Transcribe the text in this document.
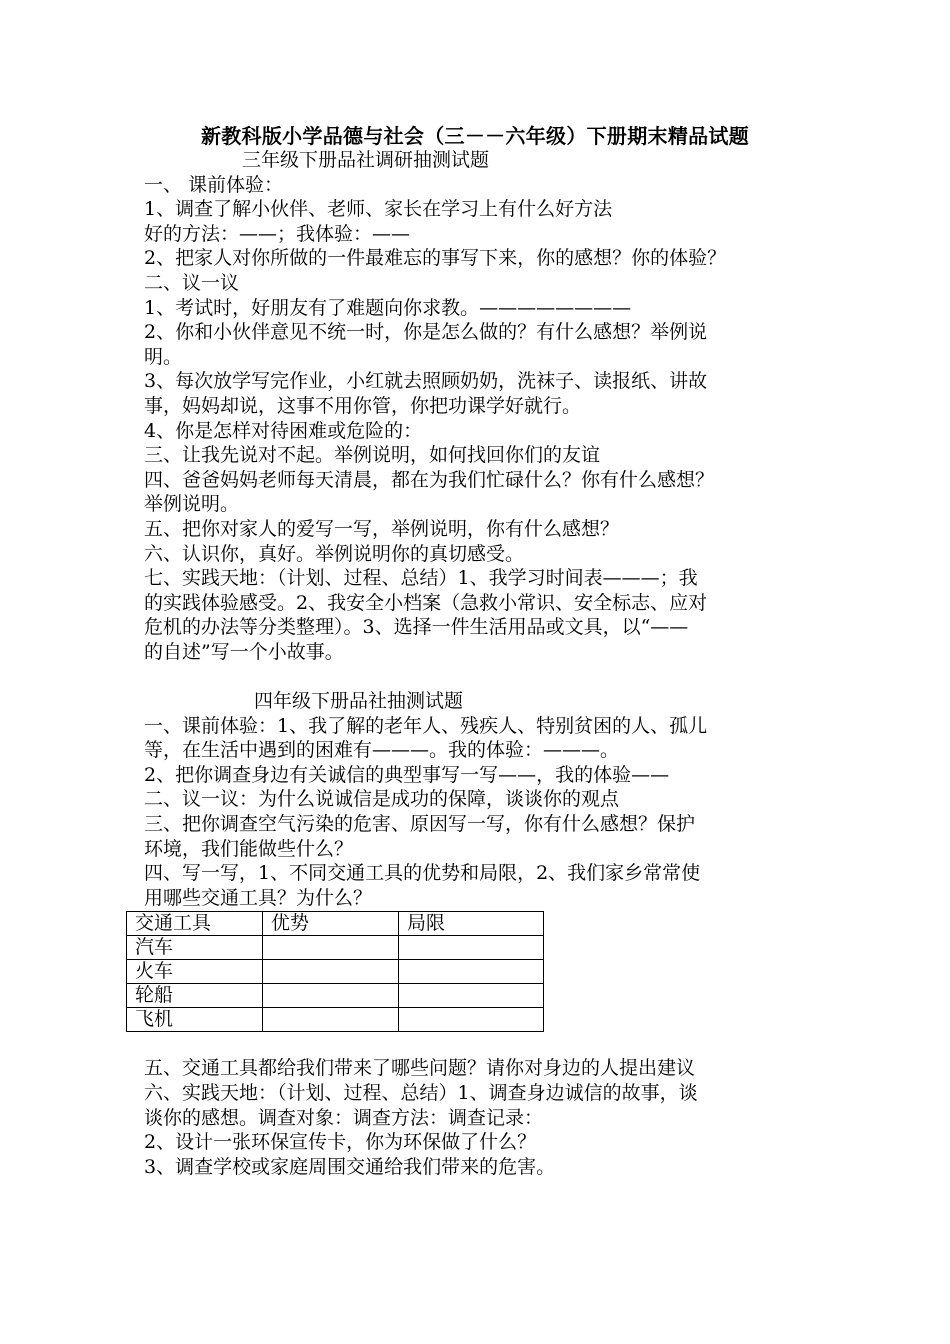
新教科版小学品德与社会（三－－六年级）下册期末精品试题

三年级下册品社调研抽测试题

一、 课前体验：

1、调查了解小伙伴、老师、家长在学习上有什么好方法

好的方法：——；我体验：——

2、把家人对你所做的一件最难忘的事写下来，你的感想？你的体验？

二、议一议

1、考试时，好朋友有了难题向你求教。————————

2、你和小伙伴意见不统一时，你是怎么做的？有什么感想？举例说

明。

3、每次放学写完作业，小红就去照顾奶奶，洗袜子、读报纸、讲故

事，妈妈却说，这事不用你管，你把功课学好就行。

4、你是怎样对待困难或危险的：

三、让我先说对不起。举例说明，如何找回你们的友谊

四、爸爸妈妈老师每天清晨，都在为我们忙碌什么？你有什么感想？

举例说明。

五、把你对家人的爱写一写，举例说明，你有什么感想？

六、认识你，真好。举例说明你的真切感受。

七、实践天地：（计划、过程、总结）1、我学习时间表———；我

的实践体验感受。2、我安全小档案（急救小常识、安全标志、应对

危机的办法等分类整理）。3、选择一件生活用品或文具，以“——

的自述”写一个小故事。

四年级下册品社抽测试题

一、课前体验：1、我了解的老年人、残疾人、特别贫困的人、孤儿

等，在生活中遇到的困难有———。我的体验：———。

2、把你调查身边有关诚信的典型事写一写——，我的体验——

二、议一议：为什么说诚信是成功的保障，谈谈你的观点

三、把你调查空气污染的危害、原因写一写，你有什么感想？保护

环境，我们能做些什么？

四、写一写，1、不同交通工具的优势和局限，2、我们家乡常常使

用哪些交通工具？为什么？

交通工具	优势	局限
汽车		
火车		
轮船		
飞机		

五、交通工具都给我们带来了哪些问题？请你对身边的人提出建议

六、实践天地：（计划、过程、总结）1、调查身边诚信的故事，谈

谈你的感想。调查对象：调查方法：调查记录：

2、设计一张环保宣传卡，你为环保做了什么？

3、调查学校或家庭周围交通给我们带来的危害。
